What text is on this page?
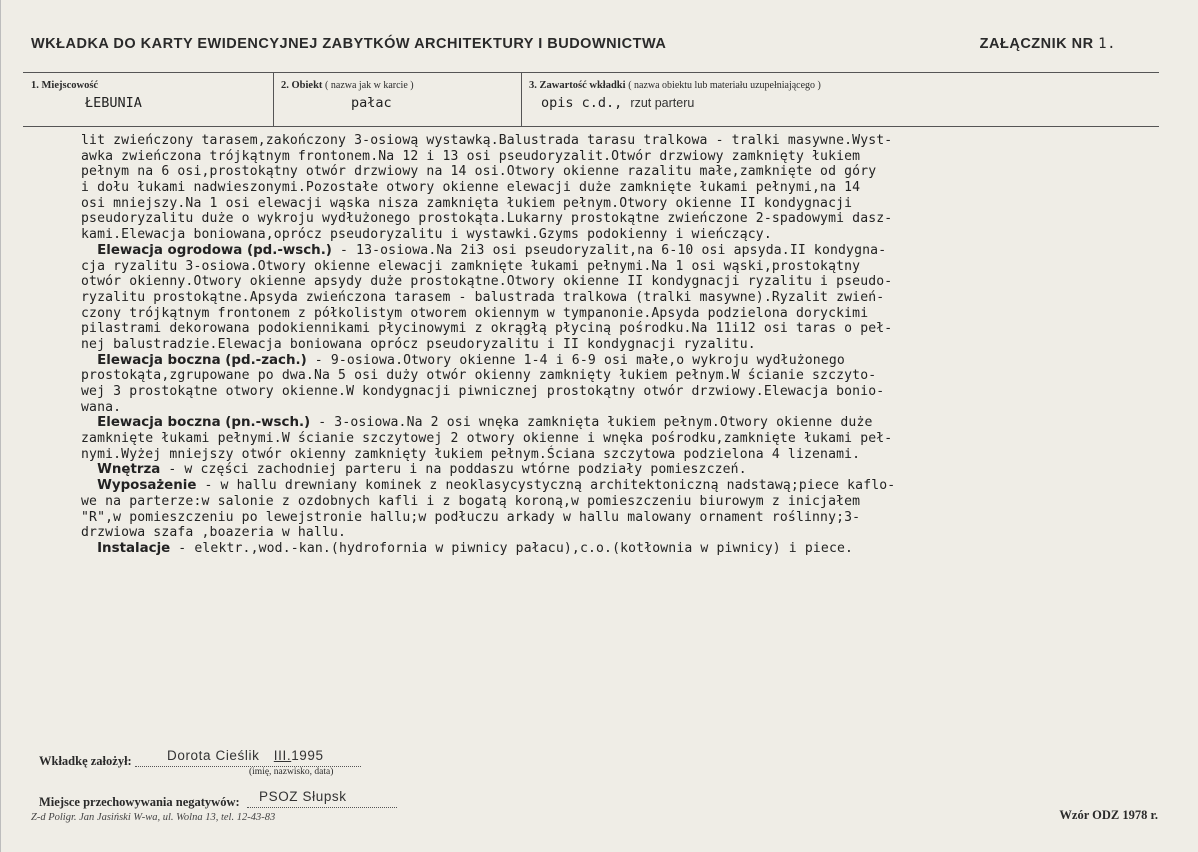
WKŁADKA DO KARTY EWIDENCYJNEJ ZABYTKÓW ARCHITEKTURY I BUDOWNICTWA	ZAŁĄCZNIK NR 1.
1. Miejscowość
ŁEBUNIA
2. Obiekt ( nazwa jak w karcie )
pałac
3. Zawartość wkładki ( nazwa obiektu lub materiału uzupełniającego )
opis c.d., rzut parteru
lit zwieńczony tarasem,zakończony 3-osiową wystawką.Balustrada tarasu tralkowa - tralki masywne.Wyst-
awka zwieńczona trójkątnym frontonem.Na 12 i 13 osi pseudoryzalit.Otwór drzwiowy zamknięty łukiem
pełnym na 6 osi,prostokątny otwór drzwiowy na 14 osi.Otwory okienne razalitu małe,zamknięte od góry
i dołu łukami nadwieszonymi.Pozostałe otwory okienne elewacji duże zamknięte łukami pełnymi,na 14
osi mniejszy.Na 1 osi elewacji wąska nisza zamknięta łukiem pełnym.Otwory okienne II kondygnacji
pseudoryzalitu duże o wykroju wydłużonego prostokąta.Lukarny prostokątne zwieńczone 2-spadowymi dasz-
kami.Elewacja boniowana,oprócz pseudoryzalitu i wystawki.Gzyms podokienny i wieńczący.
Elewacja ogrodowa (pd.-wsch.) - 13-osiowa.Na 2i3 osi pseudoryzalit,na 6-10 osi apsyda.II kondygna-
cja ryzalitu 3-osiowa.Otwory okienne elewacji zamknięte łukami pełnymi.Na 1 osi wąski,prostokątny
otwór okienny.Otwory okienne apsydy duże prostokątne.Otwory okienne II kondygnacji ryzalitu i pseudo-
ryzalitu prostokątne.Apsyda zwieńczona tarasem - balustrada tralkowa (tralki masywne).Ryzalit zwień-
czony trójkątnym frontonem z półkolistym otworem okiennym w tympanonie.Apsyda podzielona doryckimi
pilastrami dekorowana podokiennikami płycinowymi z okrągłą płyciną pośrodku.Na 11i12 osi taras o peł-
nej balustradzie.Elewacja boniowana oprócz pseudoryzalitu i II kondygnacji ryzalitu.
Elewacja boczna (pd.-zach.) - 9-osiowa.Otwory okienne 1-4 i 6-9 osi małe,o wykroju wydłużonego
prostokąta,zgrupowane po dwa.Na 5 osi duży otwór okienny zamknięty łukiem pełnym.W ścianie szczyto-
wej 3 prostokątne otwory okienne.W kondygnacji piwnicznej prostokątny otwór drzwiowy.Elewacja bonio-
wana.
Elewacja boczna (pn.-wsch.) - 3-osiowa.Na 2 osi wnęka zamknięta łukiem pełnym.Otwory okienne duże
zamknięte łukami pełnymi.W ścianie szczytowej 2 otwory okienne i wnęka pośrodku,zamknięte łukami peł-
nymi.Wyżej mniejszy otwór okienny zamknięty łukiem pełnym.Ściana szczytowa podzielona 4 lizenami.
Wnętrza - w części zachodniej parteru i na poddaszu wtórne podziały pomieszczeń.
Wyposażenie - w hallu drewniany kominek z neoklasycystyczną architektoniczną nadstawą;piece kaflo-
we na parterze:w salonie z ozdobnych kafli i z bogatą koroną,w pomieszczeniu biurowym z inicjałem
"R",w pomieszczeniu po lewejstronie hallu;w podłuczu arkady w hallu malowany ornament roślinny;3-
drzwiowa szafa ,boazeria w hallu.
Instalacje - elektr.,wod.-kan.(hydrofornia w piwnicy pałacu),c.o.(kotłownia w piwnicy) i piece.
Wkładkę założył:	Dorota Cieślik III.1995
(imię, nazwisko, data)
Miejsce przechowywania negatywów: PSOZ Słupsk
Z-d Poligr. Jan Jasiński W-wa, ul. Wolna 13, tel. 12-43-83	Wzór ODZ 1978 r.
